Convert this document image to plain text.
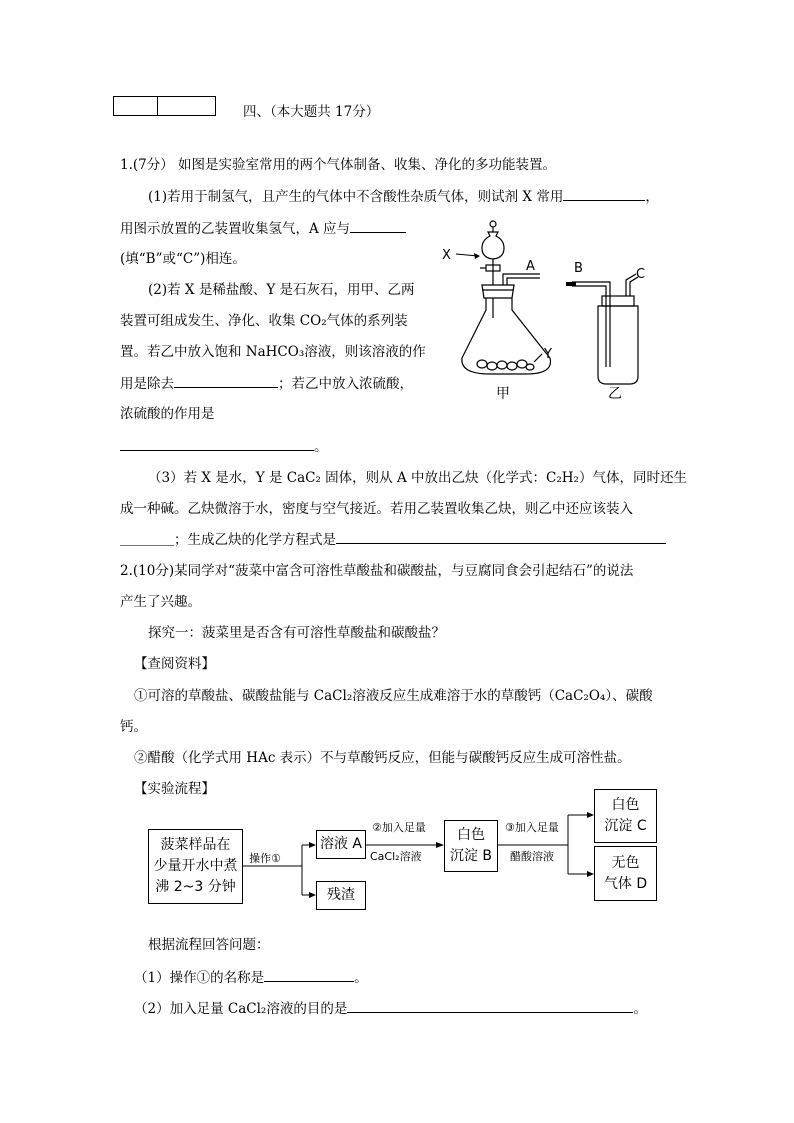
四、（本大题共 17分）
1.(7分） 如图是实验室常用的两个气体制备、收集、净化的多功能装置。
(1)若用于制氢气，且产生的气体中不含酸性杂质气体，则试剂 X 常用	，
用图示放置的乙装置收集氢气，A 应与
(填“B”或“C”)相连。
(2)若 X 是稀盐酸、Y 是石灰石，用甲、乙两
装置可组成发生、净化、收集 CO₂气体的系列装
置。若乙中放入饱和 NaHCO₃溶液，则该溶液的作
用是除去	；若乙中放入浓硫酸，
浓硫酸的作用是
。
（3）若 X 是水，Y 是 CaC₂ 固体，则从 A 中放出乙炔（化学式：C₂H₂）气体，同时还生
成一种碱。乙炔微溶于水，密度与空气接近。若用乙装置收集乙炔，则乙中还应该装入
＿＿＿＿；生成乙炔的化学方程式是
X
A
Y
B	C
甲	乙
2.(10分)某同学对“菠菜中富含可溶性草酸盐和碳酸盐，与豆腐同食会引起结石”的说法
产生了兴趣。
探究一：菠菜里是否含有可溶性草酸盐和碳酸盐？
【查阅资料】
①可溶的草酸盐、碳酸盐能与 CaCl₂溶液反应生成难溶于水的草酸钙（CaC₂O₄）、碳酸
钙。
②醋酸（化学式用 HAc 表示）不与草酸钙反应，但能与碳酸钙反应生成可溶性盐。
【实验流程】
菠菜样品在
少量开水中煮
沸 2~3 分钟
操作①
溶液 A
残渣
②加入足量
CaCl₂溶液
白色
沉淀 B
③加入足量
醋酸溶液
白色
沉淀 C
无色
气体 D
根据流程回答问题：
（1）操作①的名称是	。
（2）加入足量 CaCl₂溶液的目的是	。
